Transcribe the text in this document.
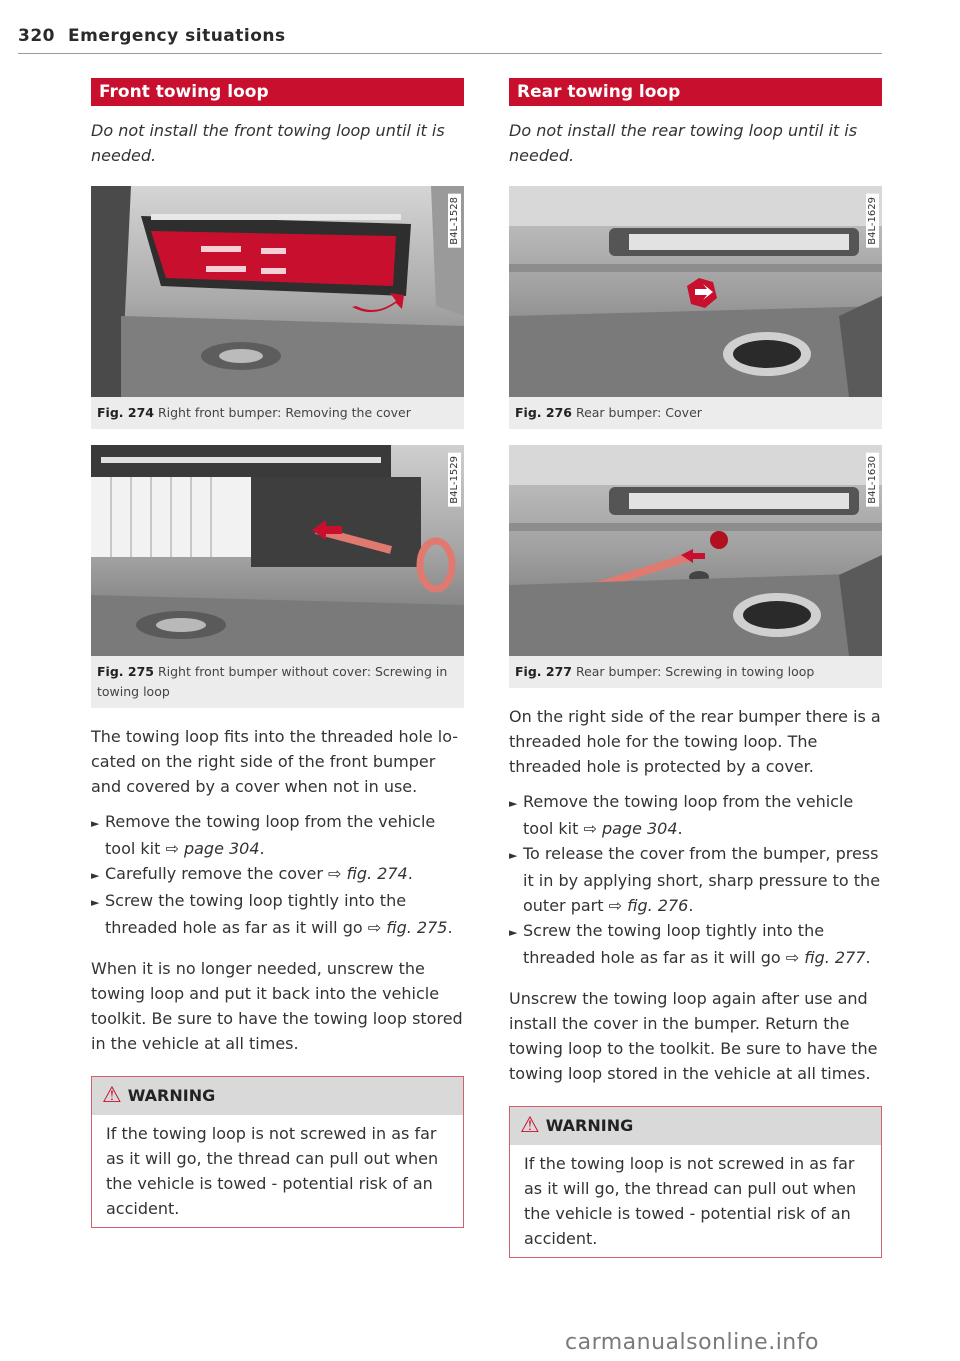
320 Emergency situations
Front towing loop

Do not install the front towing loop until it is needed.

B4L-1528
Fig. 274 Right front bumper: Removing the cover
B4L-1529
Fig. 275 Right front bumper without cover: Screwing in towing loop

The towing loop fits into the threaded hole lo-cated on the right side of the front bumper and covered by a cover when not in use.

► Remove the towing loop from the vehicle tool kit ⇨ page 304.
► Carefully remove the cover ⇨ fig. 274.
► Screw the towing loop tightly into the threaded hole as far as it will go ⇨ fig. 275.

When it is no longer needed, unscrew the towing loop and put it back into the vehicle toolkit. Be sure to have the towing loop stored in the vehicle at all times.

⚠ WARNING

If the towing loop is not screwed in as far as it will go, the thread can pull out when the vehicle is towed - potential risk of an accident.

Rear towing loop

Do not install the rear towing loop until it is needed.

B4L-1629
Fig. 276 Rear bumper: Cover
B4L-1630
Fig. 277 Rear bumper: Screwing in towing loop

On the right side of the rear bumper there is a threaded hole for the towing loop. The threaded hole is protected by a cover.

► Remove the towing loop from the vehicle tool kit ⇨ page 304.
► To release the cover from the bumper, press it in by applying short, sharp pressure to the outer part ⇨ fig. 276.
► Screw the towing loop tightly into the threaded hole as far as it will go ⇨ fig. 277.

Unscrew the towing loop again after use and install the cover in the bumper. Return the towing loop to the toolkit. Be sure to have the towing loop stored in the vehicle at all times.

⚠ WARNING

If the towing loop is not screwed in as far as it will go, the thread can pull out when the vehicle is towed - potential risk of an accident.

carmanualsonline.info
